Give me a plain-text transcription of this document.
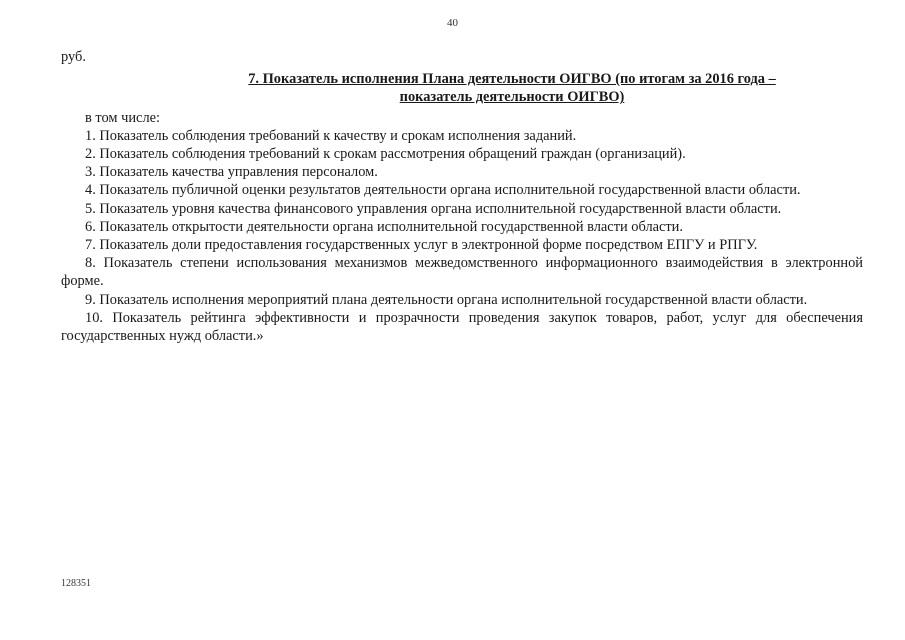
40

руб.

7. Показатель исполнения Плана деятельности ОИГВО (по итогам за 2016 года –
показатель деятельности ОИГВО)

в том числе:

1. Показатель соблюдения требований к качеству и срокам исполнения заданий.

2. Показатель соблюдения требований к срокам рассмотрения обращений граждан (организаций).

3. Показатель качества управления персоналом.

4. Показатель публичной оценки результатов деятельности органа исполнительной государственной власти области.

5. Показатель уровня качества финансового управления органа исполнительной государственной власти области.

6. Показатель открытости деятельности органа исполнительной государственной власти области.

7. Показатель доли предоставления государственных услуг в электронной форме посредством ЕПГУ и РПГУ.

8. Показатель степени использования механизмов межведомственного информационного взаимодействия в электронной форме.

9. Показатель исполнения мероприятий плана деятельности органа исполнительной государственной власти области.

10. Показатель рейтинга эффективности и прозрачности проведения закупок товаров, работ, услуг для обеспечения государственных нужд области.»

128351
